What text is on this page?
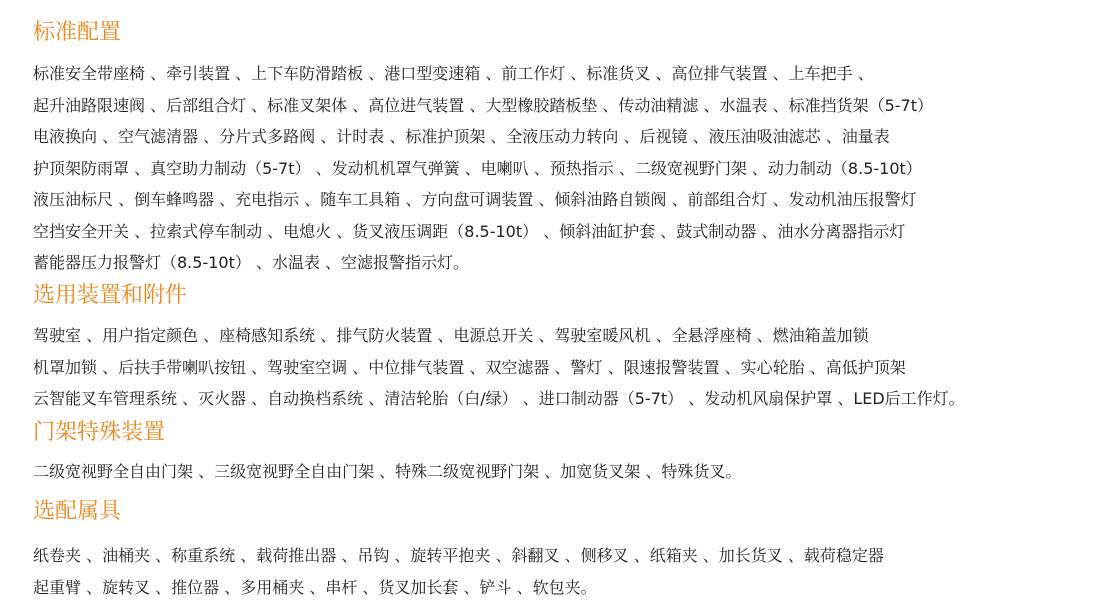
标准配置
标准安全带座椅 、牵引装置 、上下车防滑踏板 、港口型变速箱 、前工作灯 、标准货叉 、高位排气装置 、上车把手 、
起升油路限速阀 、后部组合灯 、标准叉架体 、高位进气装置 、大型橡胶踏板垫 、传动油精滤 、水温表 、标准挡货架（5-7t）
电液换向 、空气滤清器 、分片式多路阀 、计时表 、标准护顶架 、全液压动力转向 、后视镜 、液压油吸油滤芯 、油量表
护顶架防雨罩 、真空助力制动（5-7t） 、发动机机罩气弹簧 、电喇叭 、预热指示 、二级宽视野门架 、动力制动（8.5-10t）
液压油标尺 、倒车蜂鸣器 、充电指示 、随车工具箱 、方向盘可调装置 、倾斜油路自锁阀 、前部组合灯 、发动机油压报警灯
空挡安全开关 、拉索式停车制动 、电熄火 、货叉液压调距（8.5-10t） 、倾斜油缸护套 、鼓式制动器 、油水分离器指示灯
蓄能器压力报警灯（8.5-10t） 、水温表 、空滤报警指示灯。
选用装置和附件
驾驶室 、用户指定颜色 、座椅感知系统 、排气防火装置 、电源总开关 、驾驶室暖风机 、全悬浮座椅 、燃油箱盖加锁
机罩加锁 、后扶手带喇叭按钮 、驾驶室空调 、中位排气装置 、双空滤器 、警灯 、限速报警装置 、实心轮胎 、高低护顶架
云智能叉车管理系统 、灭火器 、自动换档系统 、清洁轮胎（白/绿） 、进口制动器（5-7t） 、发动机风扇保护罩 、LED后工作灯。
门架特殊装置
二级宽视野全自由门架 、三级宽视野全自由门架 、特殊二级宽视野门架 、加宽货叉架 、特殊货叉。
选配属具
纸卷夹 、油桶夹 、称重系统 、载荷推出器 、吊钩 、旋转平抱夹 、斜翻叉 、侧移叉 、纸箱夹 、加长货叉 、载荷稳定器
起重臂 、旋转叉 、推位器 、多用桶夹 、串杆 、货叉加长套 、铲斗 、软包夹。
